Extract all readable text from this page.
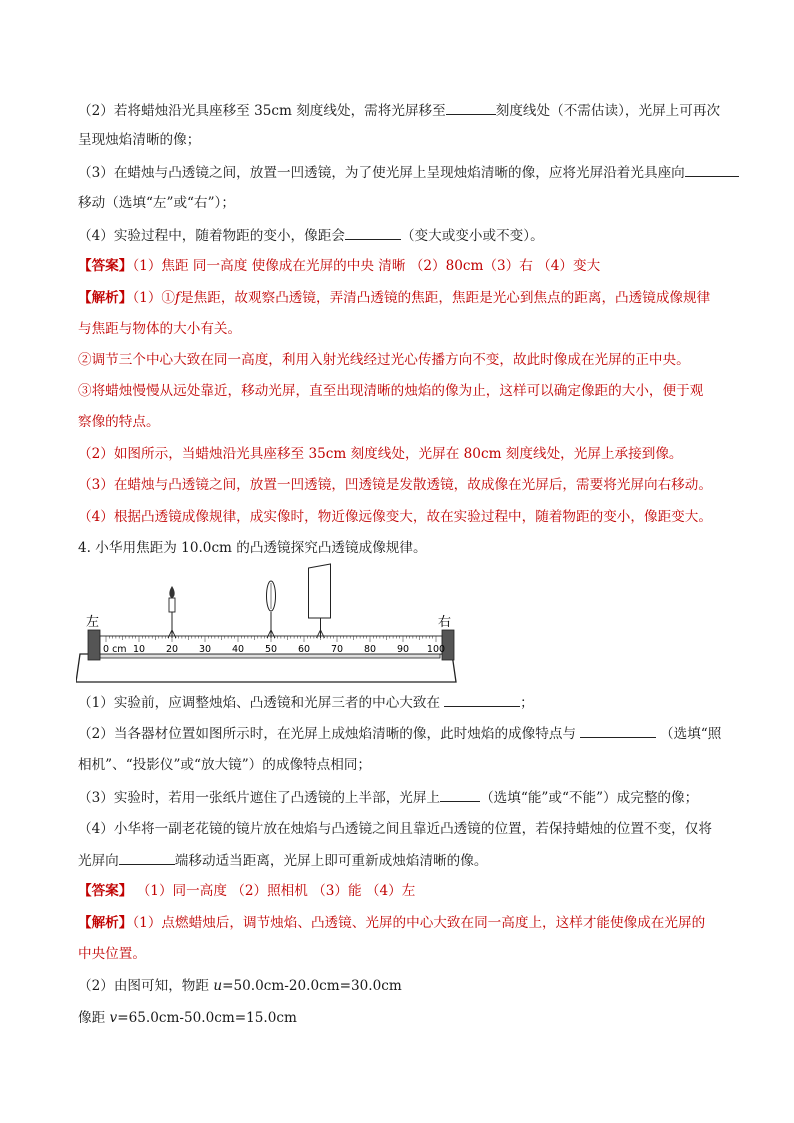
（2）若将蜡烛沿光具座移至 35cm 刻度线处，需将光屏移至	刻度线处（不需估读），光屏上可再次
呈现烛焰清晰的像；
（3）在蜡烛与凸透镜之间，放置一凹透镜，为了使光屏上呈现烛焰清晰的像，应将光屏沿着光具座向
移动（选填“左”或“右”）；
（4）实验过程中，随着物距的变小，像距会	（变大或变小或不变）。
【答案】（1）焦距 同一高度 使像成在光屏的中央 清晰 （2）80cm（3）右 （4）变大
【解析】（1）①f是焦距，故观察凸透镜，弄清凸透镜的焦距，焦距是光心到焦点的距离，凸透镜成像规律
与焦距与物体的大小有关。
②调节三个中心大致在同一高度，利用入射光线经过光心传播方向不变，故此时像成在光屏的正中央。
③将蜡烛慢慢从远处靠近，移动光屏，直至出现清晰的烛焰的像为止，这样可以确定像距的大小，便于观
察像的特点。
（2）如图所示，当蜡烛沿光具座移至 35cm 刻度线处，光屏在 80cm 刻度线处，光屏上承接到像。
（3）在蜡烛与凸透镜之间，放置一凹透镜，凹透镜是发散透镜，故成像在光屏后，需要将光屏向右移动。
（4）根据凸透镜成像规律，成实像时，物近像远像变大，故在实验过程中，随着物距的变小，像距变大。
4. 小华用焦距为 10.0cm 的凸透镜探究凸透镜成像规律。
0 cm 10 20 30 40 50 60 70 80 90 100
左	右
（1）实验前，应调整烛焰、凸透镜和光屏三者的中心大致在	；
（2）当各器材位置如图所示时，在光屏上成烛焰清晰的像，此时烛焰的成像特点与	（选填“照
相机”、“投影仪”或“放大镜”）的成像特点相同；
（3）实验时，若用一张纸片遮住了凸透镜的上半部，光屏上	（选填“能”或“不能”）成完整的像；
（4）小华将一副老花镜的镜片放在烛焰与凸透镜之间且靠近凸透镜的位置，若保持蜡烛的位置不变，仅将
光屏向	端移动适当距离，光屏上即可重新成烛焰清晰的像。
【答案】 （1）同一高度 （2）照相机 （3）能 （4）左
【解析】（1）点燃蜡烛后，调节烛焰、凸透镜、光屏的中心大致在同一高度上，这样才能使像成在光屏的
中央位置。
（2）由图可知，物距 u=50.0cm-20.0cm=30.0cm
像距 v=65.0cm-50.0cm=15.0cm
